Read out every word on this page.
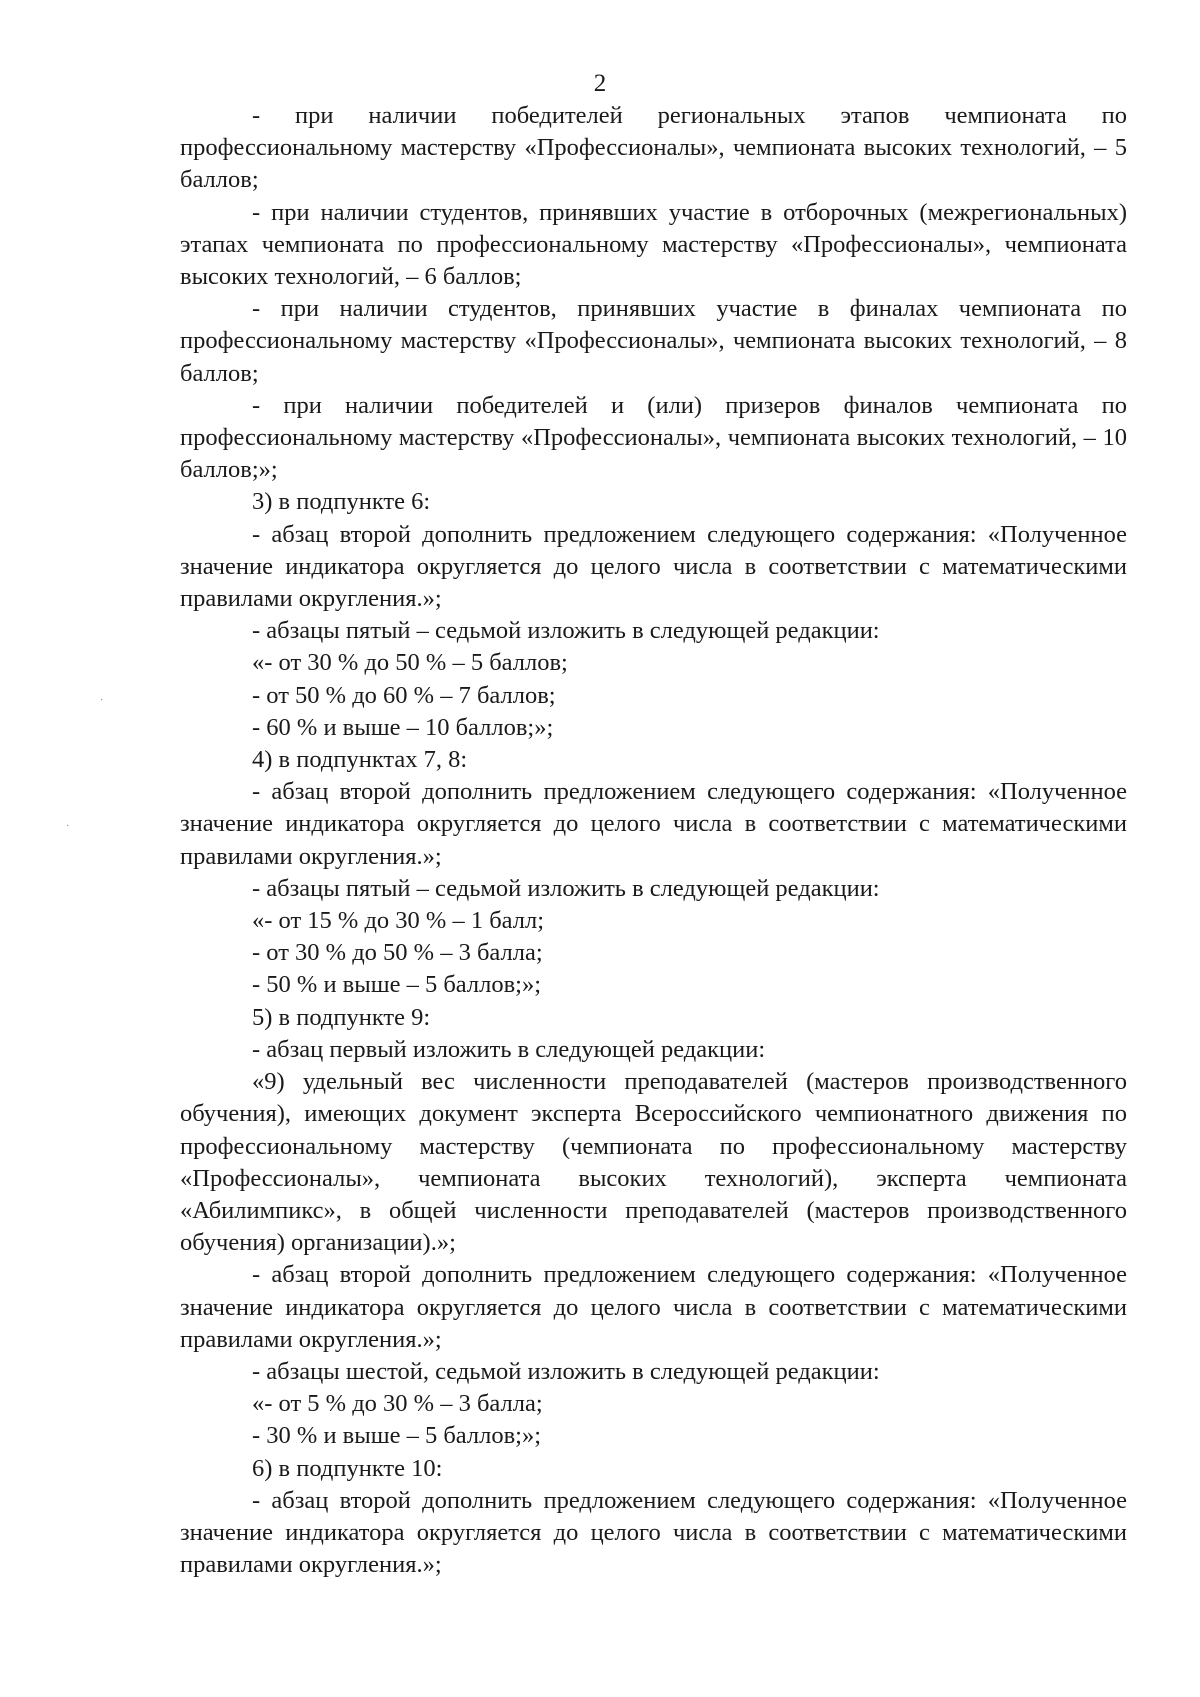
2

- при наличии победителей региональных этапов чемпионата по профессиональному мастерству «Профессионалы», чемпионата высоких технологий, – 5 баллов;

- при наличии студентов, принявших участие в отборочных (межрегиональных) этапах чемпионата по профессиональному мастерству «Профессионалы», чемпионата высоких технологий, – 6 баллов;

- при наличии студентов, принявших участие в финалах чемпионата по профессиональному мастерству «Профессионалы», чемпионата высоких технологий, – 8 баллов;

- при наличии победителей и (или) призеров финалов чемпионата по профессиональному мастерству «Профессионалы», чемпионата высоких технологий, – 10 баллов;»;

3) в подпункте 6:

- абзац второй дополнить предложением следующего содержания: «Полученное значение индикатора округляется до целого числа в соответствии с математическими правилами округления.»;

- абзацы пятый – седьмой изложить в следующей редакции:

«- от 30 % до 50 % – 5 баллов;

- от 50 % до 60 % – 7 баллов;

- 60 % и выше – 10 баллов;»;

4) в подпунктах 7, 8:

- абзац второй дополнить предложением следующего содержания: «Полученное значение индикатора округляется до целого числа в соответствии с математическими правилами округления.»;

- абзацы пятый – седьмой изложить в следующей редакции:

«- от 15 % до 30 % – 1 балл;

- от 30 % до 50 % – 3 балла;

- 50 % и выше – 5 баллов;»;

5) в подпункте 9:

- абзац первый изложить в следующей редакции:

«9) удельный вес численности преподавателей (мастеров производственного обучения), имеющих документ эксперта Всероссийского чемпионатного движения по профессиональному мастерству (чемпионата по профессиональному мастерству «Профессионалы», чемпионата высоких технологий), эксперта чемпионата «Абилимпикс», в общей численности преподавателей (мастеров производственного обучения) организации).»;

- абзац второй дополнить предложением следующего содержания: «Полученное значение индикатора округляется до целого числа в соответствии с математическими правилами округления.»;

- абзацы шестой, седьмой изложить в следующей редакции:

«- от 5 % до 30 % – 3 балла;

- 30 % и выше – 5 баллов;»;

6) в подпункте 10:

- абзац второй дополнить предложением следующего содержания: «Полученное значение индикатора округляется до целого числа в соответствии с математическими правилами округления.»;

⋅
·
